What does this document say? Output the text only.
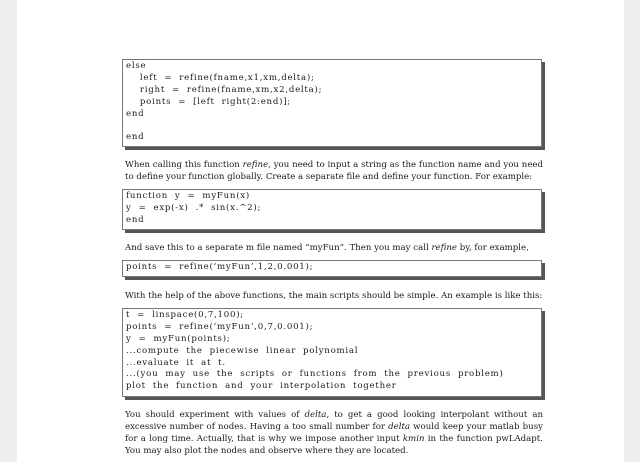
else
left  =  refine(fname,x1,xm,delta);
right  =  refine(fname,xm,x2,delta);
points  =  [left  right(2:end)];
end
end

When calling this function refine, you need to input a string as the function name and you need to define your function globally. Create a separate file and define your function. For example:

function  y  =  myFun(x)
y  =  exp(-x)  .*  sin(x.^2);
end

And save this to a separate m file named “myFun”. Then you may call refine by, for example,

points  =  refine(‘myFun’,1,2,0.001);

With the help of the above functions, the main scripts should be simple. An example is like this:

t  =  linspace(0,7,100);
points  =  refine(‘myFun’,0,7,0.001);
y  =  myFun(points);
...compute  the  piecewise  linear  polynomial
...evaluate  it  at  t.
...(you  may  use  the  scripts  or  functions  from  the  previous  problem)
plot  the  function  and  your  interpolation  together

You should experiment with values of delta, to get a good looking interpolant without an excessive number of nodes. Having a too small number for delta would keep your matlab busy for a long time. Actually, that is why we impose another input kmin in the function pwLAdapt. You may also plot the nodes and observe where they are located.
